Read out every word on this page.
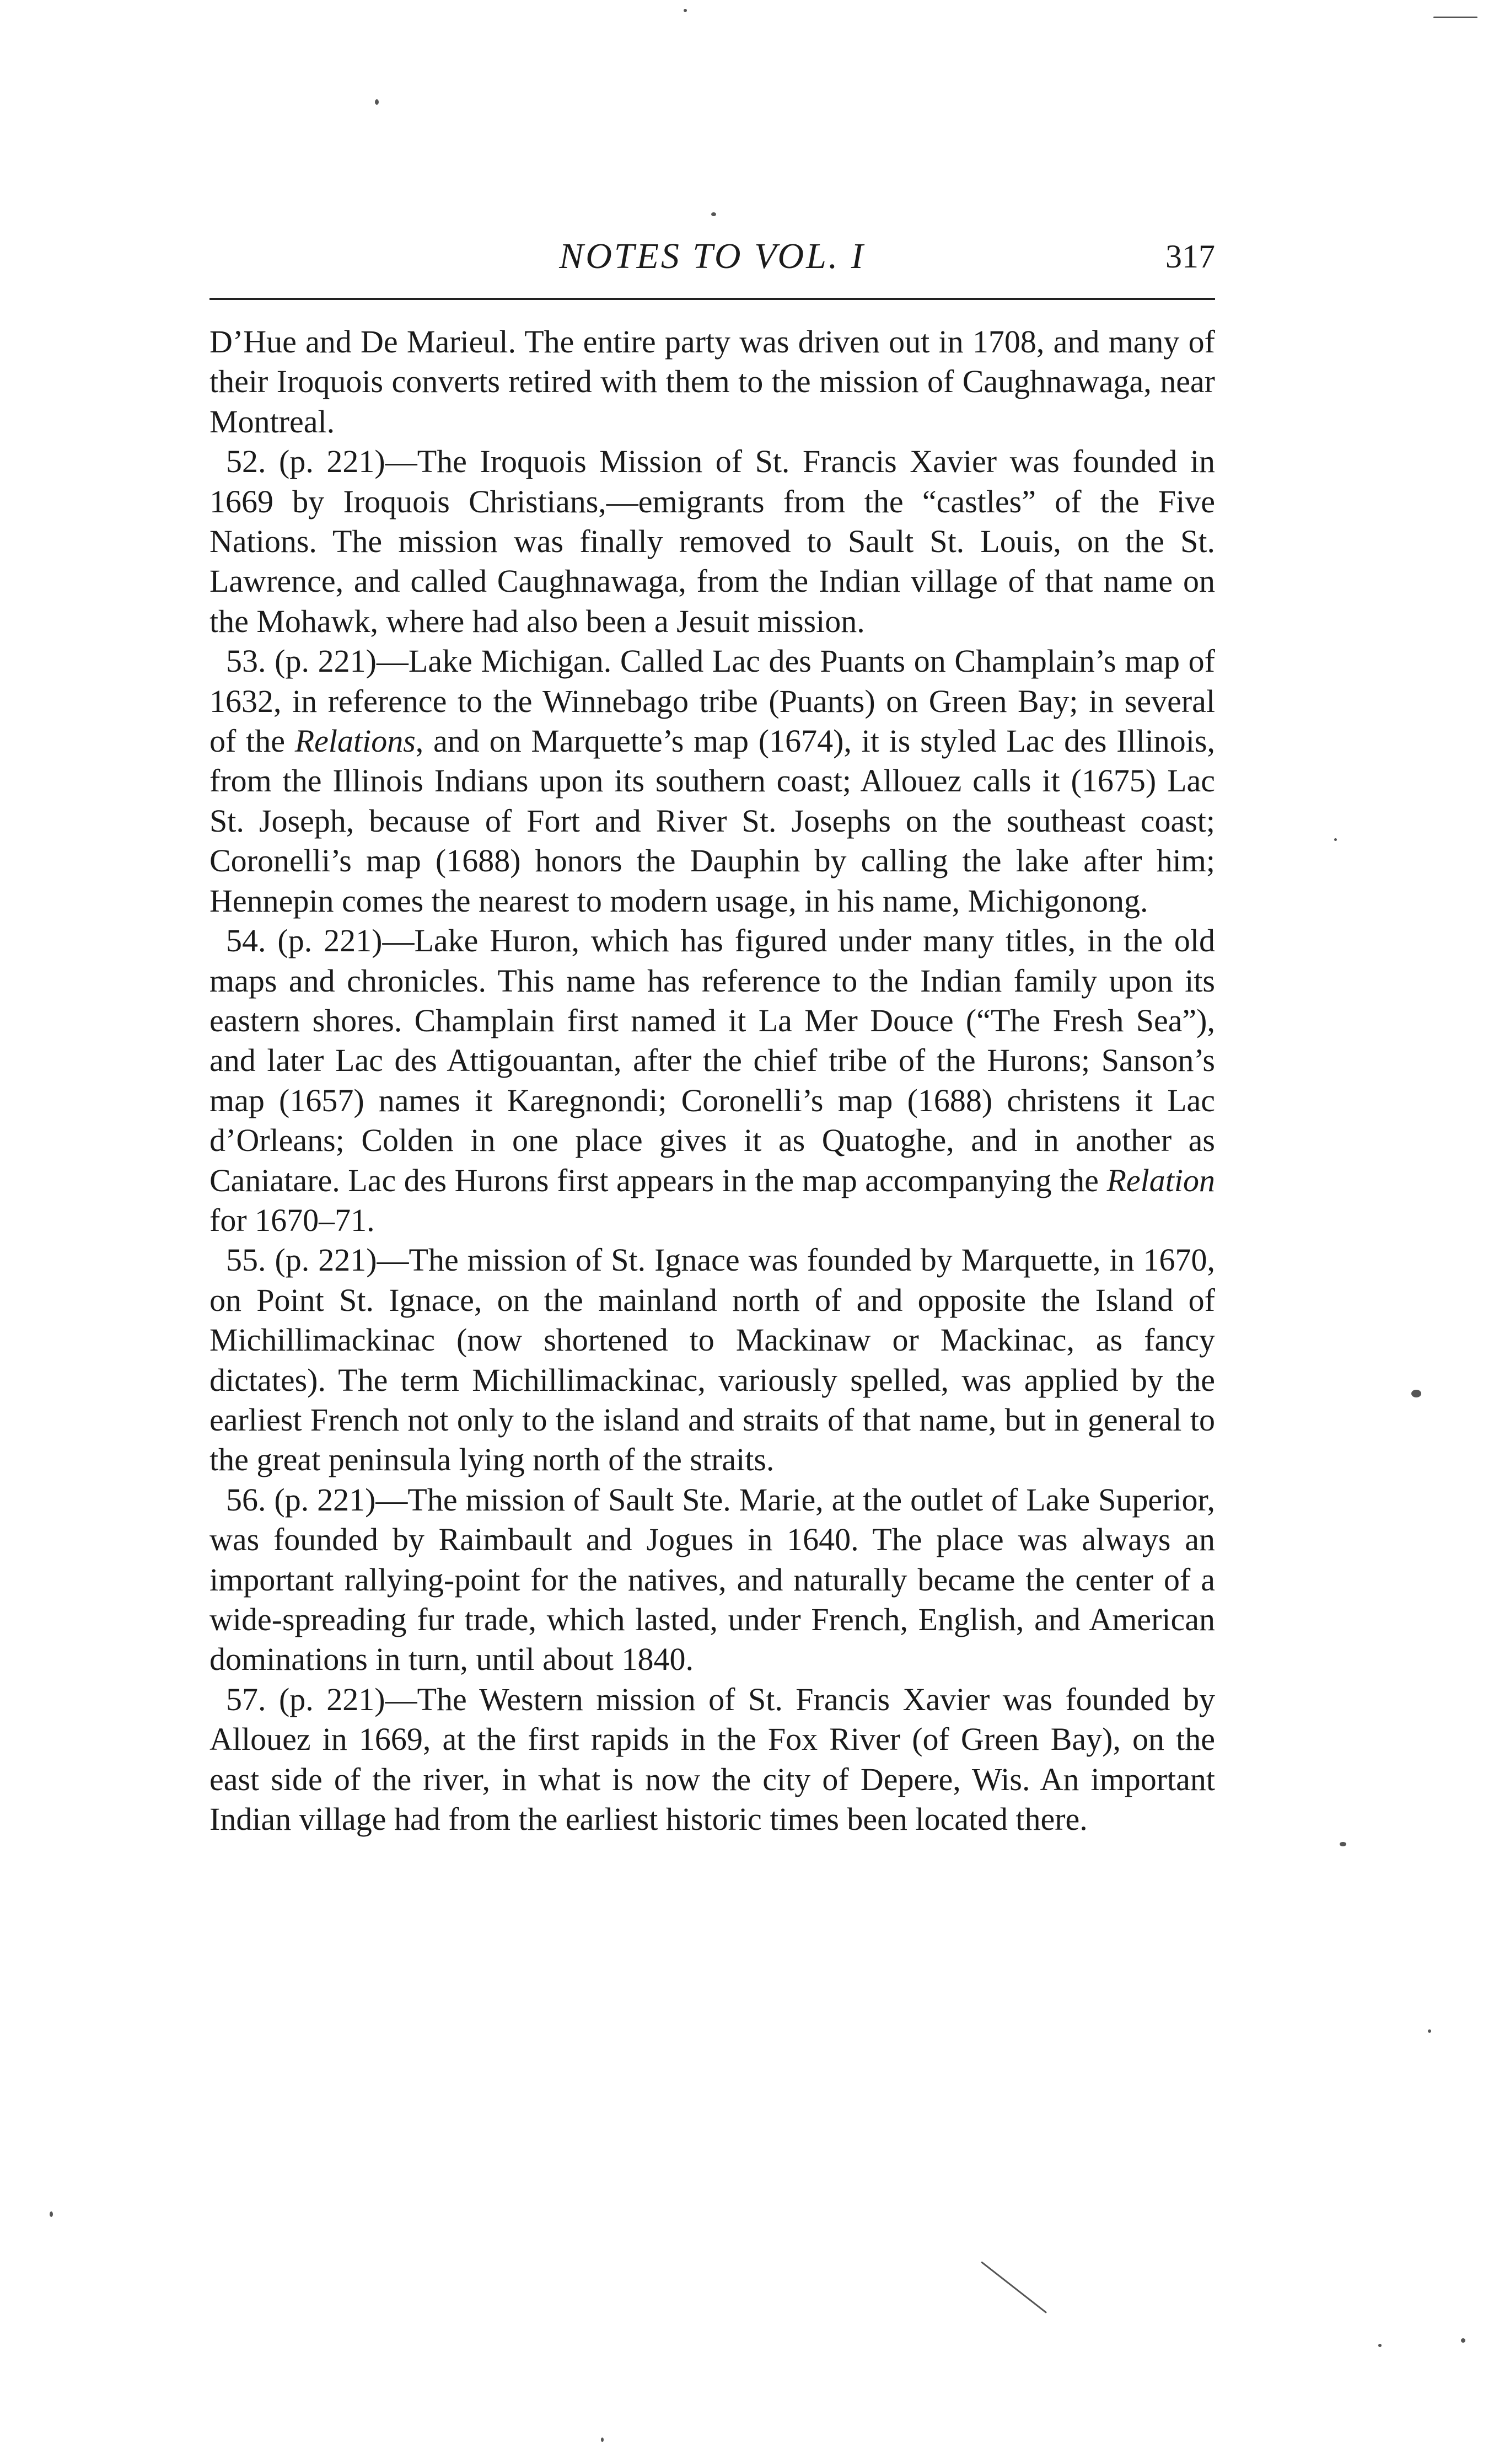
NOTES TO VOL. I	317

D’Hue and De Marieul. The entire party was driven out in 1708, and many of their Iroquois converts retired with them to the mission of Caughnawaga, near Montreal.

52. (p. 221)—The Iroquois Mission of St. Francis Xavier was founded in 1669 by Iroquois Christians,—emigrants from the “castles” of the Five Nations. The mission was finally removed to Sault St. Louis, on the St. Lawrence, and called Caughnawaga, from the Indian village of that name on the Mohawk, where had also been a Jesuit mission.

53. (p. 221)—Lake Michigan. Called Lac des Puants on Champlain’s map of 1632, in reference to the Winnebago tribe (Puants) on Green Bay; in several of the Relations, and on Marquette’s map (1674), it is styled Lac des Illinois, from the Illinois Indians upon its southern coast; Allouez calls it (1675) Lac St. Joseph, because of Fort and River St. Josephs on the southeast coast; Coronelli’s map (1688) honors the Dauphin by calling the lake after him; Hennepin comes the nearest to modern usage, in his name, Michigonong.

54. (p. 221)—Lake Huron, which has figured under many titles, in the old maps and chronicles. This name has reference to the Indian family upon its eastern shores. Champlain first named it La Mer Douce (“The Fresh Sea”), and later Lac des Attigouantan, after the chief tribe of the Hurons; Sanson’s map (1657) names it Karegnondi; Coronelli’s map (1688) christens it Lac d’Orleans; Colden in one place gives it as Quatoghe, and in another as Caniatare. Lac des Hurons first appears in the map accompanying the Relation for 1670–71.

55. (p. 221)—The mission of St. Ignace was founded by Marquette, in 1670, on Point St. Ignace, on the mainland north of and opposite the Island of Michillimackinac (now shortened to Mackinaw or Mackinac, as fancy dictates). The term Michillimackinac, variously spelled, was applied by the earliest French not only to the island and straits of that name, but in general to the great peninsula lying north of the straits.

56. (p. 221)—The mission of Sault Ste. Marie, at the outlet of Lake Superior, was founded by Raimbault and Jogues in 1640. The place was always an important rallying-point for the natives, and naturally became the center of a wide-spreading fur trade, which lasted, under French, English, and American dominations in turn, until about 1840.

57. (p. 221)—The Western mission of St. Francis Xavier was founded by Allouez in 1669, at the first rapids in the Fox River (of Green Bay), on the east side of the river, in what is now the city of Depere, Wis. An important Indian village had from the earliest historic times been located there.
